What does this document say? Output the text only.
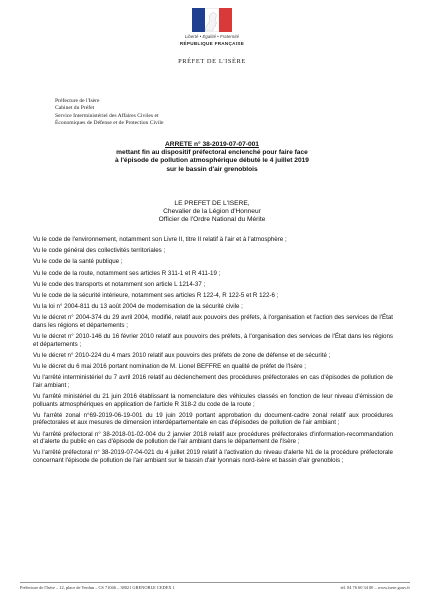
Liberté • Égalité • Fraternité
RÉPUBLIQUE FRANÇAISE
PRÉFET DE L'ISÈRE
Préfecture de l'Isère
Cabinet du Préfet
Service Interministériel des Affaires Civiles et
Économiques de Défense et de Protection Civile
ARRETE n° 38-2019-07-07-001
mettant fin au dispositif préfectoral enclenché pour faire face
à l'épisode de pollution atmosphérique débuté le 4 juillet 2019
sur le bassin d'air grenoblois
LE PREFET DE L'ISERE,
Chevalier de la Légion d'Honneur
Officier de l'Ordre National du Mérite
Vu le code de l'environnement, notamment son Livre II, titre II relatif à l'air et à l'atmosphère ;
Vu le code général des collectivités territoriales ;
Vu le code de la santé publique ;
Vu le code de la route, notamment ses articles R 311-1 et R 411-19 ;
Vu le code des transports et notamment son article L 1214-37 ;
Vu le code de la sécurité intérieure, notamment ses articles R 122-4, R 122-5 et R 122-6 ;
Vu la loi n° 2004-811 du 13 août 2004 de modernisation de la sécurité civile ;
Vu le décret n° 2004-374 du 29 avril 2004, modifié, relatif aux pouvoirs des préfets, à l'organisation et l'action des services de l'État dans les régions et départements ;
Vu le décret n° 2010-146 du 16 février 2010 relatif aux pouvoirs des préfets, à l'organisation des services de l'État dans les régions et départements ;
Vu le décret n° 2010-224 du 4 mars 2010 relatif aux pouvoirs des préfets de zone de défense et de sécurité ;
Vu le décret du 6 mai 2016 portant nomination de M. Lionel BEFFRE en qualité de préfet de l'Isère ;
Vu l'arrêté interministériel du 7 avril 2016 relatif au déclenchement des procédures préfectorales en cas d'épisodes de pollution de l'air ambiant ;
Vu l'arrêté ministériel du 21 juin 2016 établissant la nomenclature des véhicules classés en fonction de leur niveau d'émission de polluants atmosphériques en application de l'article R 318-2 du code de la route ;
Vu l'arrêté zonal n°69-2019-06-19-001 du 19 juin 2019 portant approbation du document-cadre zonal relatif aux procédures préfectorales et aux mesures de dimension interdépartementale en cas d'épisodes de pollution de l'air ambiant ;
Vu l'arrêté préfectoral n° 38-2018-01-02-004 du 2 janvier 2018 relatif aux procédures préfectorales d'information-recommandation et d'alerte du public en cas d'épisode de pollution de l'air ambiant dans le département de l'Isère ;
Vu l'arrêté préfectoral n° 38-2019-07-04-021 du 4 juillet 2019 relatif à l'activation du niveau d'alerte N1 de la procédure préfectorale concernant l'épisode de pollution de l'air ambiant sur le bassin d'air lyonnais nord-isère et bassin d'air grenoblois ;
Préfecture de l'Isère – 12, place de Verdun – CS 71046 – 38021 GRENOBLE CEDEX 1	tél. 04 76 60 34 00 – www.isere.gouv.fr
